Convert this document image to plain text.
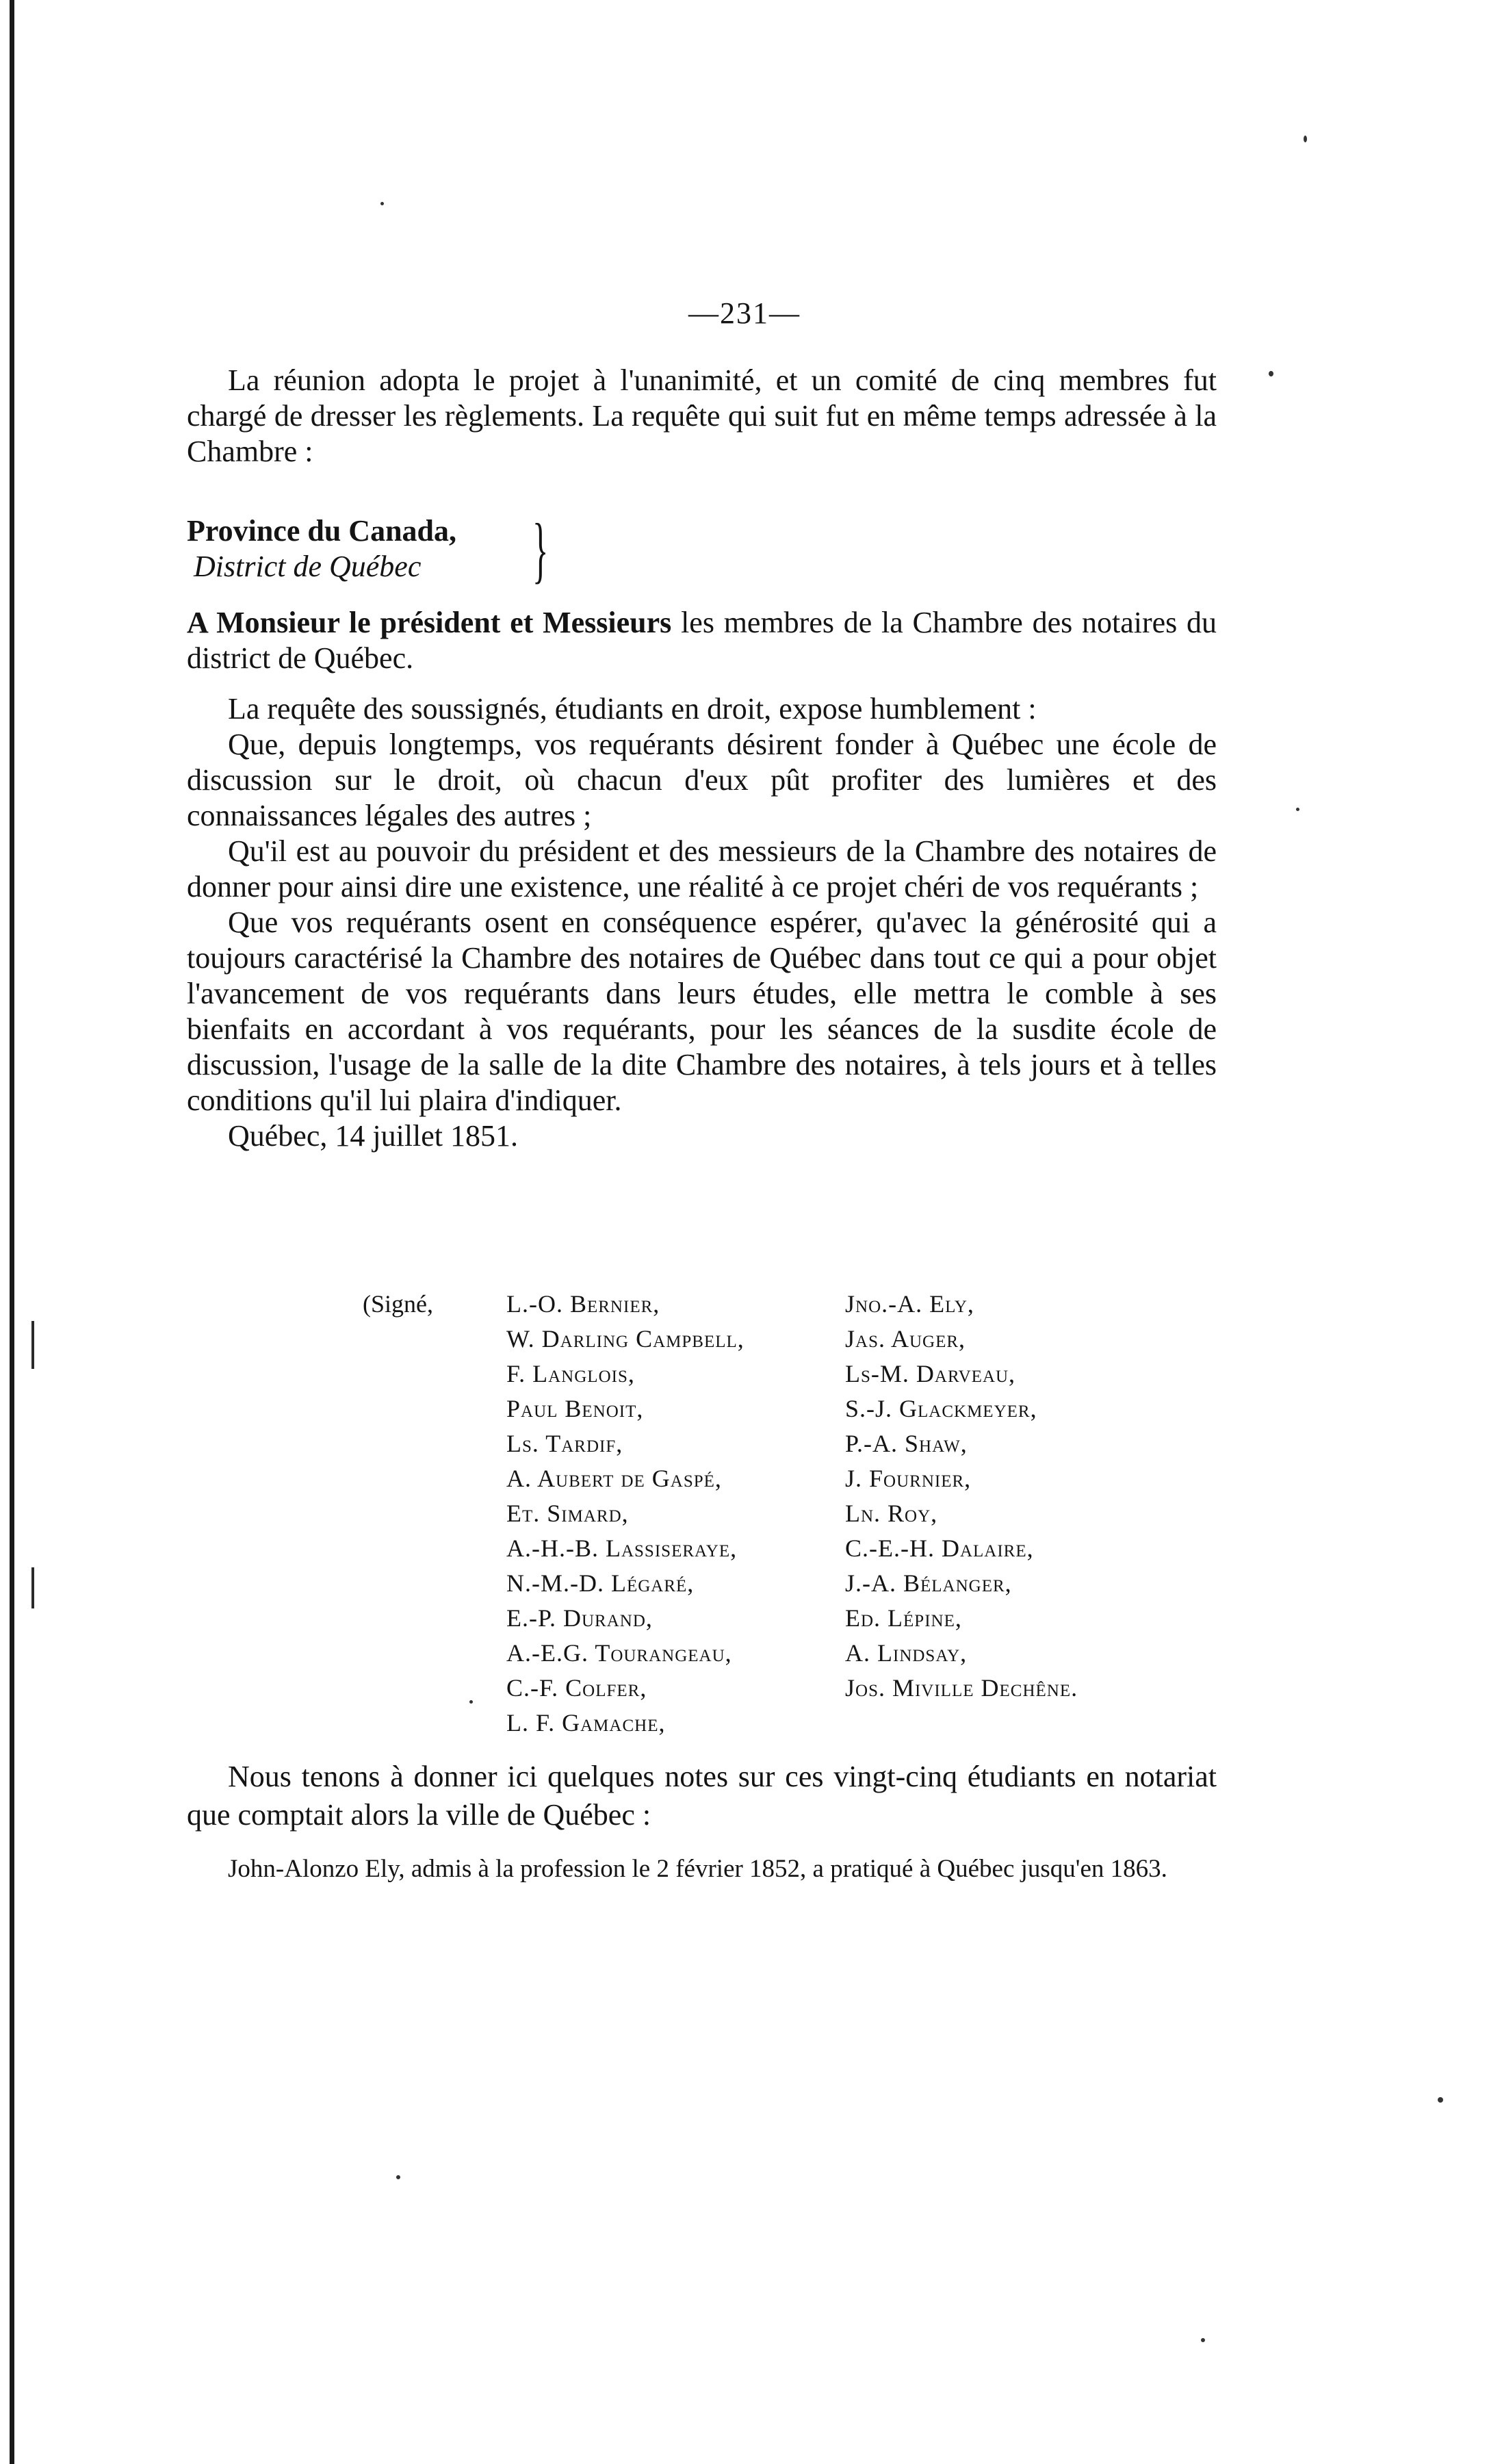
—231—

La réunion adopta le projet à l'unanimité, et un comité de cinq membres fut chargé de dresser les règlements. La requête qui suit fut en même temps adressée à la Chambre :

Province du Canada,
District de Québec	}

A Monsieur le président et Messieurs les membres de la Chambre des notaires du district de Québec.

La requête des soussignés, étudiants en droit, expose humblement :

Que, depuis longtemps, vos requérants désirent fonder à Québec une école de discussion sur le droit, où chacun d'eux pût profiter des lumières et des connaissances légales des autres ;

Qu'il est au pouvoir du président et des messieurs de la Chambre des notaires de donner pour ainsi dire une existence, une réalité à ce projet chéri de vos requérants ;

Que vos requérants osent en conséquence espérer, qu'avec la générosité qui a toujours caractérisé la Chambre des notaires de Québec dans tout ce qui a pour objet l'avancement de vos requérants dans leurs études, elle mettra le comble à ses bienfaits en accordant à vos requérants, pour les séances de la susdite école de discussion, l'usage de la salle de la dite Chambre des notaires, à tels jours et à telles conditions qu'il lui plaira d'indiquer.

Québec, 14 juillet 1851.

(Signé,	L.-O. Bernier,
W. Darling Campbell,
F. Langlois,
Paul Benoit,
Ls. Tardif,
A. Aubert de Gaspé,
Et. Simard,
A.-H.-B. Lassiseraye,
N.-M.-D. Légaré,
E.-P. Durand,
A.-E.G. Tourangeau,
C.-F. Colfer,
L. F. Gamache,
Jno.-A. Ely,
Jas. Auger,
Ls-M. Darveau,
S.-J. Glackmeyer,
P.-A. Shaw,
J. Fournier,
Ln. Roy,
C.-E.-H. Dalaire,
J.-A. Bélanger,
Ed. Lépine,
A. Lindsay,
Jos. Miville Dechêne.

Nous tenons à donner ici quelques notes sur ces vingt-cinq étudiants en notariat que comptait alors la ville de Québec :

John-Alonzo Ely, admis à la profession le 2 février 1852, a pratiqué à Québec jusqu'en 1863.
